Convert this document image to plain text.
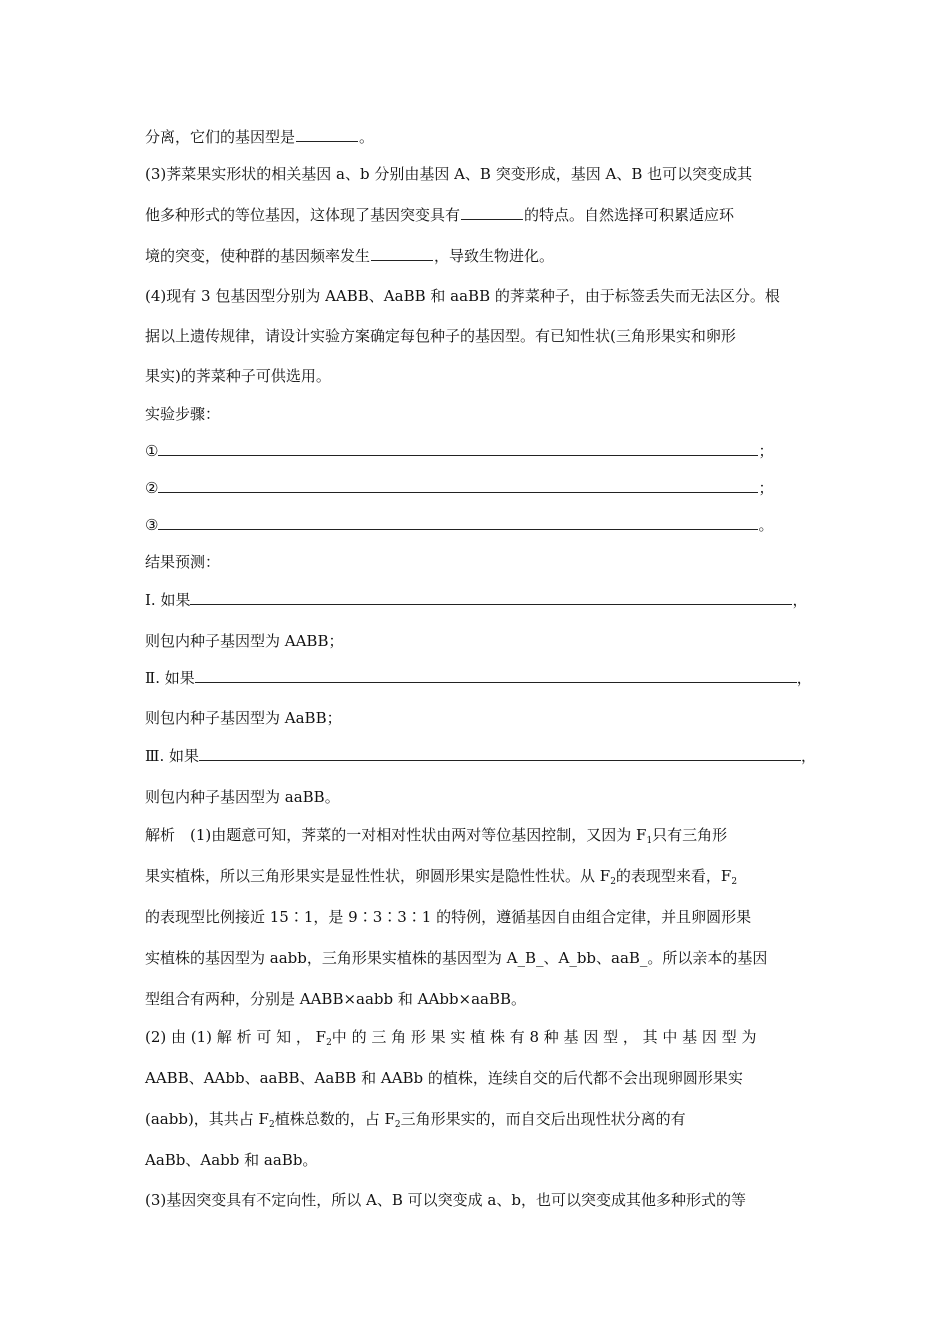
分离，它们的基因型是	。
(3)荠菜果实形状的相关基因 a、b 分别由基因 A、B 突变形成，基因 A、B 也可以突变成其
他多种形式的等位基因，这体现了基因突变具有	的特点。自然选择可积累适应环
境的突变，使种群的基因频率发生	，导致生物进化。
(4)现有 3 包基因型分别为 AABB、AaBB 和 aaBB 的荠菜种子，由于标签丢失而无法区分。根
据以上遗传规律，请设计实验方案确定每包种子的基因型。有已知性状(三角形果实和卵形
果实)的荠菜种子可供选用。
实验步骤：
①	；
②	；
③	。
结果预测：
Ⅰ. 如果	，
则包内种子基因型为 AABB；
Ⅱ. 如果	，
则包内种子基因型为 AaBB；
Ⅲ. 如果	，
则包内种子基因型为 aaBB。
解析　(1)由题意可知，荠菜的一对相对性状由两对等位基因控制，又因为 $F_1$只有三角形
果实植株，所以三角形果实是显性性状，卵圆形果实是隐性性状。从 $F_2$的表现型来看，$F_2$
的表现型比例接近 15∶1，是 9∶3∶3∶1 的特例，遵循基因自由组合定律，并且卵圆形果
实植株的基因型为 aabb，三角形果实植株的基因型为 A_B_、A_bb、aaB_。所以亲本的基因
型组合有两种，分别是 AABB×aabb 和 AAbb×aaBB。
(2) 由 (1) 解 析 可 知 ， $F_2$中 的 三 角 形 果 实 植 株 有 8 种 基 因 型 ， 其 中 基 因 型 为
AABB、AAbb、aaBB、AaBB 和 AABb 的植株，连续自交的后代都不会出现卵圆形果实
(aabb)，其共占 $F_2$植株总数的，占 $F_2$三角形果实的，而自交后出现性状分离的有
AaBb、Aabb 和 aaBb。
(3)基因突变具有不定向性，所以 A、B 可以突变成 a、b，也可以突变成其他多种形式的等
